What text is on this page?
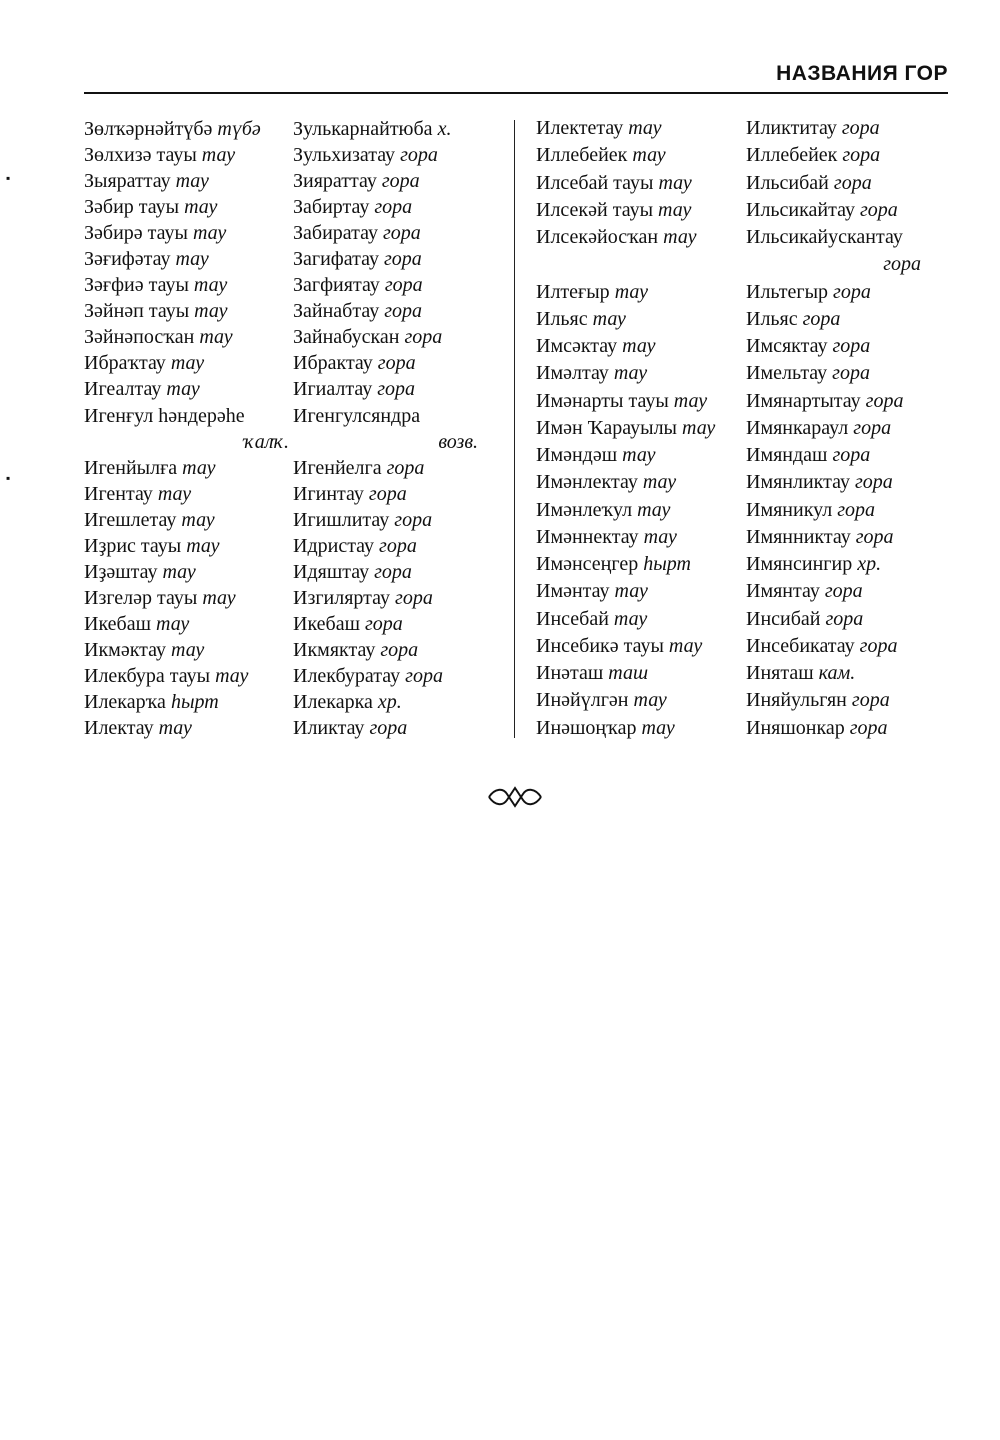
НАЗВАНИЯ ГОР
Зөлҡәрнәйтүбә түбә
Зөлхизә тауы тау
Зыяраттау тау
Зәбир тауы тау
Зәбирә тауы тау
Зәғифәтау тау
Зәғфиә тауы тау
Зәйнәп тауы тау
Зәйнәпосҡан тау
Ибраҡтау тау
Игеалтау тау
Игенғул һәндерәһе
ҡалҡ.
Игенйылға тау
Игентау тау
Игешлетау тау
Иҙрис тауы тау
Иҙәштау тау
Изгеләр тауы тау
Икебаш тау
Икмәктау тау
Илекбура тауы тау
Илекарҡа һырт
Илектау тау
Зулькарнайтюба х.
Зульхизатау гора
Зияраттау гора
Забиртау гора
Забиратау гора
Загифатау гора
Загфиятау гора
Зайнабтау гора
Зайнабускан гора
Ибрактау гора
Игиалтау гора
Игенгулсяндра
возв.
Игенйелга гора
Игинтау гора
Игишлитау гора
Идристау гора
Идяштау гора
Изгиляртау гора
Икебаш гора
Икмяктау гора
Илекбуратау гора
Илекарка хр.
Иликтау гора
Илектетау тау
Иллебейек тау
Илсебай тауы тау
Илсекәй тауы тау
Илсекәйосҡан тау
Илтеғыр тау
Ильяс тау
Имсәктау тау
Имәлтау тау
Имәнарты тауы тау
Имән Ҡарауылы тау
Имәндәш тау
Имәнлектау тау
Имәнлеҡул тау
Имәннектау тау
Имәнсеңгер һырт
Имәнтау тау
Инсебай тау
Инсебикә тауы тау
Инәташ таш
Инәйүлгән тау
Инәшоңҡар тау
Иликтитау гора
Иллебейек гора
Ильсибай гора
Ильсикайтау гора
Ильсикайускантау
гора
Ильтегыр гора
Ильяс гора
Имсяктау гора
Имельтау гора
Имянартытау гора
Имянкараул гора
Имяндаш гора
Имянликтау гора
Имяникул гора
Имянниктау гора
Имянсингир хр.
Имянтау гора
Инсибай гора
Инсебикатау гора
Иняташ кам.
Иняйульгян гора
Иняшонкар гора
▪
▪
